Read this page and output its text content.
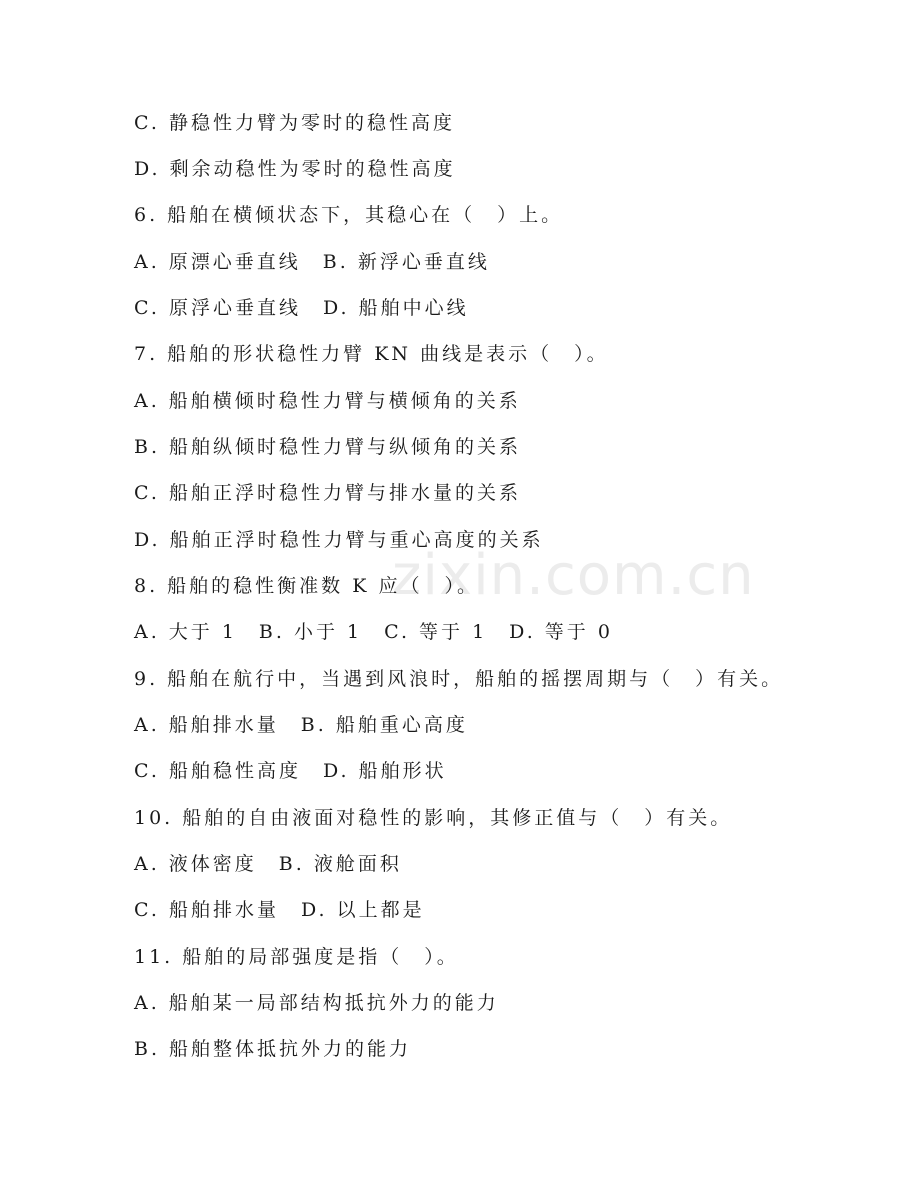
zixin.com.cn
C. 静稳性力臂为零时的稳性高度
D. 剩余动稳性为零时的稳性高度
6. 船舶在横倾状态下，其稳心在（　）上。
A. 原漂心垂直线　B. 新浮心垂直线
C. 原浮心垂直线　D. 船舶中心线
7. 船舶的形状稳性力臂 KN 曲线是表示（　）。
A. 船舶横倾时稳性力臂与横倾角的关系
B. 船舶纵倾时稳性力臂与纵倾角的关系
C. 船舶正浮时稳性力臂与排水量的关系
D. 船舶正浮时稳性力臂与重心高度的关系
8. 船舶的稳性衡准数 K 应（　）。
A. 大于 1　B. 小于 1　C. 等于 1　D. 等于 0
9. 船舶在航行中，当遇到风浪时，船舶的摇摆周期与（　）有关。
A. 船舶排水量　B. 船舶重心高度
C. 船舶稳性高度　D. 船舶形状
10. 船舶的自由液面对稳性的影响，其修正值与（　）有关。
A. 液体密度　B. 液舱面积
C. 船舶排水量　D. 以上都是
11. 船舶的局部强度是指（　）。
A. 船舶某一局部结构抵抗外力的能力
B. 船舶整体抵抗外力的能力
